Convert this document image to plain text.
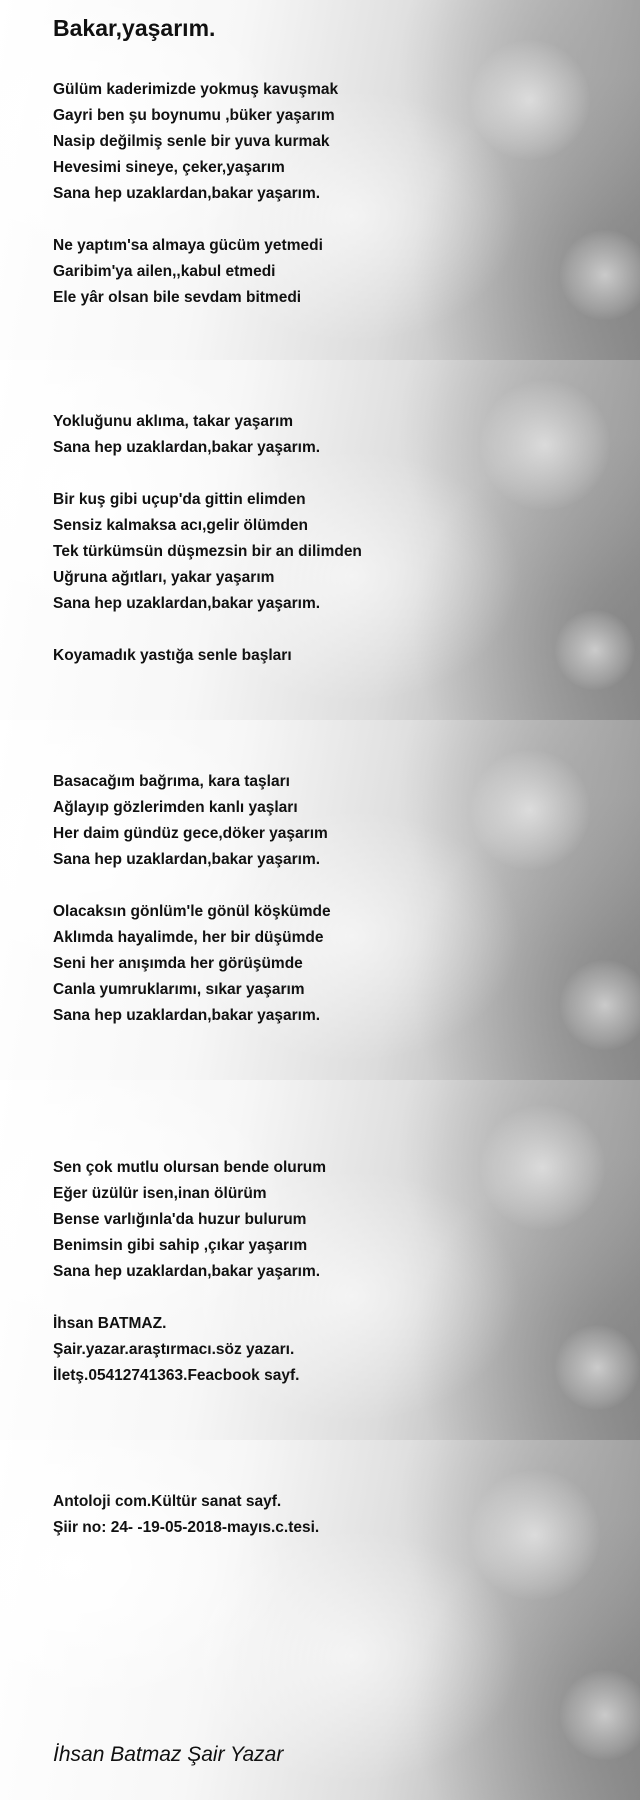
Bakar,yaşarım.
Gülüm kaderimizde yokmuş kavuşmak
Gayri ben şu boynumu ,büker yaşarım
Nasip değilmiş senle bir yuva kurmak
Hevesimi sineye, çeker,yaşarım
Sana hep uzaklardan,bakar yaşarım.
Ne yaptım'sa almaya gücüm yetmedi
Garibim'ya ailen,,kabul etmedi
Ele yâr olsan bile sevdam bitmedi
Yokluğunu aklıma, takar yaşarım
Sana hep uzaklardan,bakar yaşarım.
Bir kuş gibi uçup'da gittin elimden
Sensiz kalmaksa acı,gelir ölümden
Tek türkümsün düşmezsin bir an dilimden
Uğruna ağıtları, yakar yaşarım
Sana hep uzaklardan,bakar yaşarım.
Koyamadık yastığa senle başları
Basacağım bağrıma, kara taşları
Ağlayıp gözlerimden kanlı yaşları
Her daim gündüz gece,döker yaşarım
Sana hep uzaklardan,bakar yaşarım.
Olacaksın gönlüm'le gönül köşkümde
Aklımda hayalimde, her bir düşümde
Seni her anışımda her görüşümde
Canla yumruklarımı, sıkar yaşarım
Sana hep uzaklardan,bakar yaşarım.
Sen çok mutlu olursan bende olurum
Eğer üzülür isen,inan ölürüm
Bense varlığınla'da huzur bulurum
Benimsin gibi sahip ,çıkar yaşarım
Sana hep uzaklardan,bakar yaşarım.
İhsan BATMAZ.
Şair.yazar.araştırmacı.söz yazarı.
İletş.05412741363.Feacbook sayf.
Antoloji com.Kültür sanat sayf.
Şiir no: 24- -19-05-2018-mayıs.c.tesi.
İhsan Batmaz Şair Yazar
